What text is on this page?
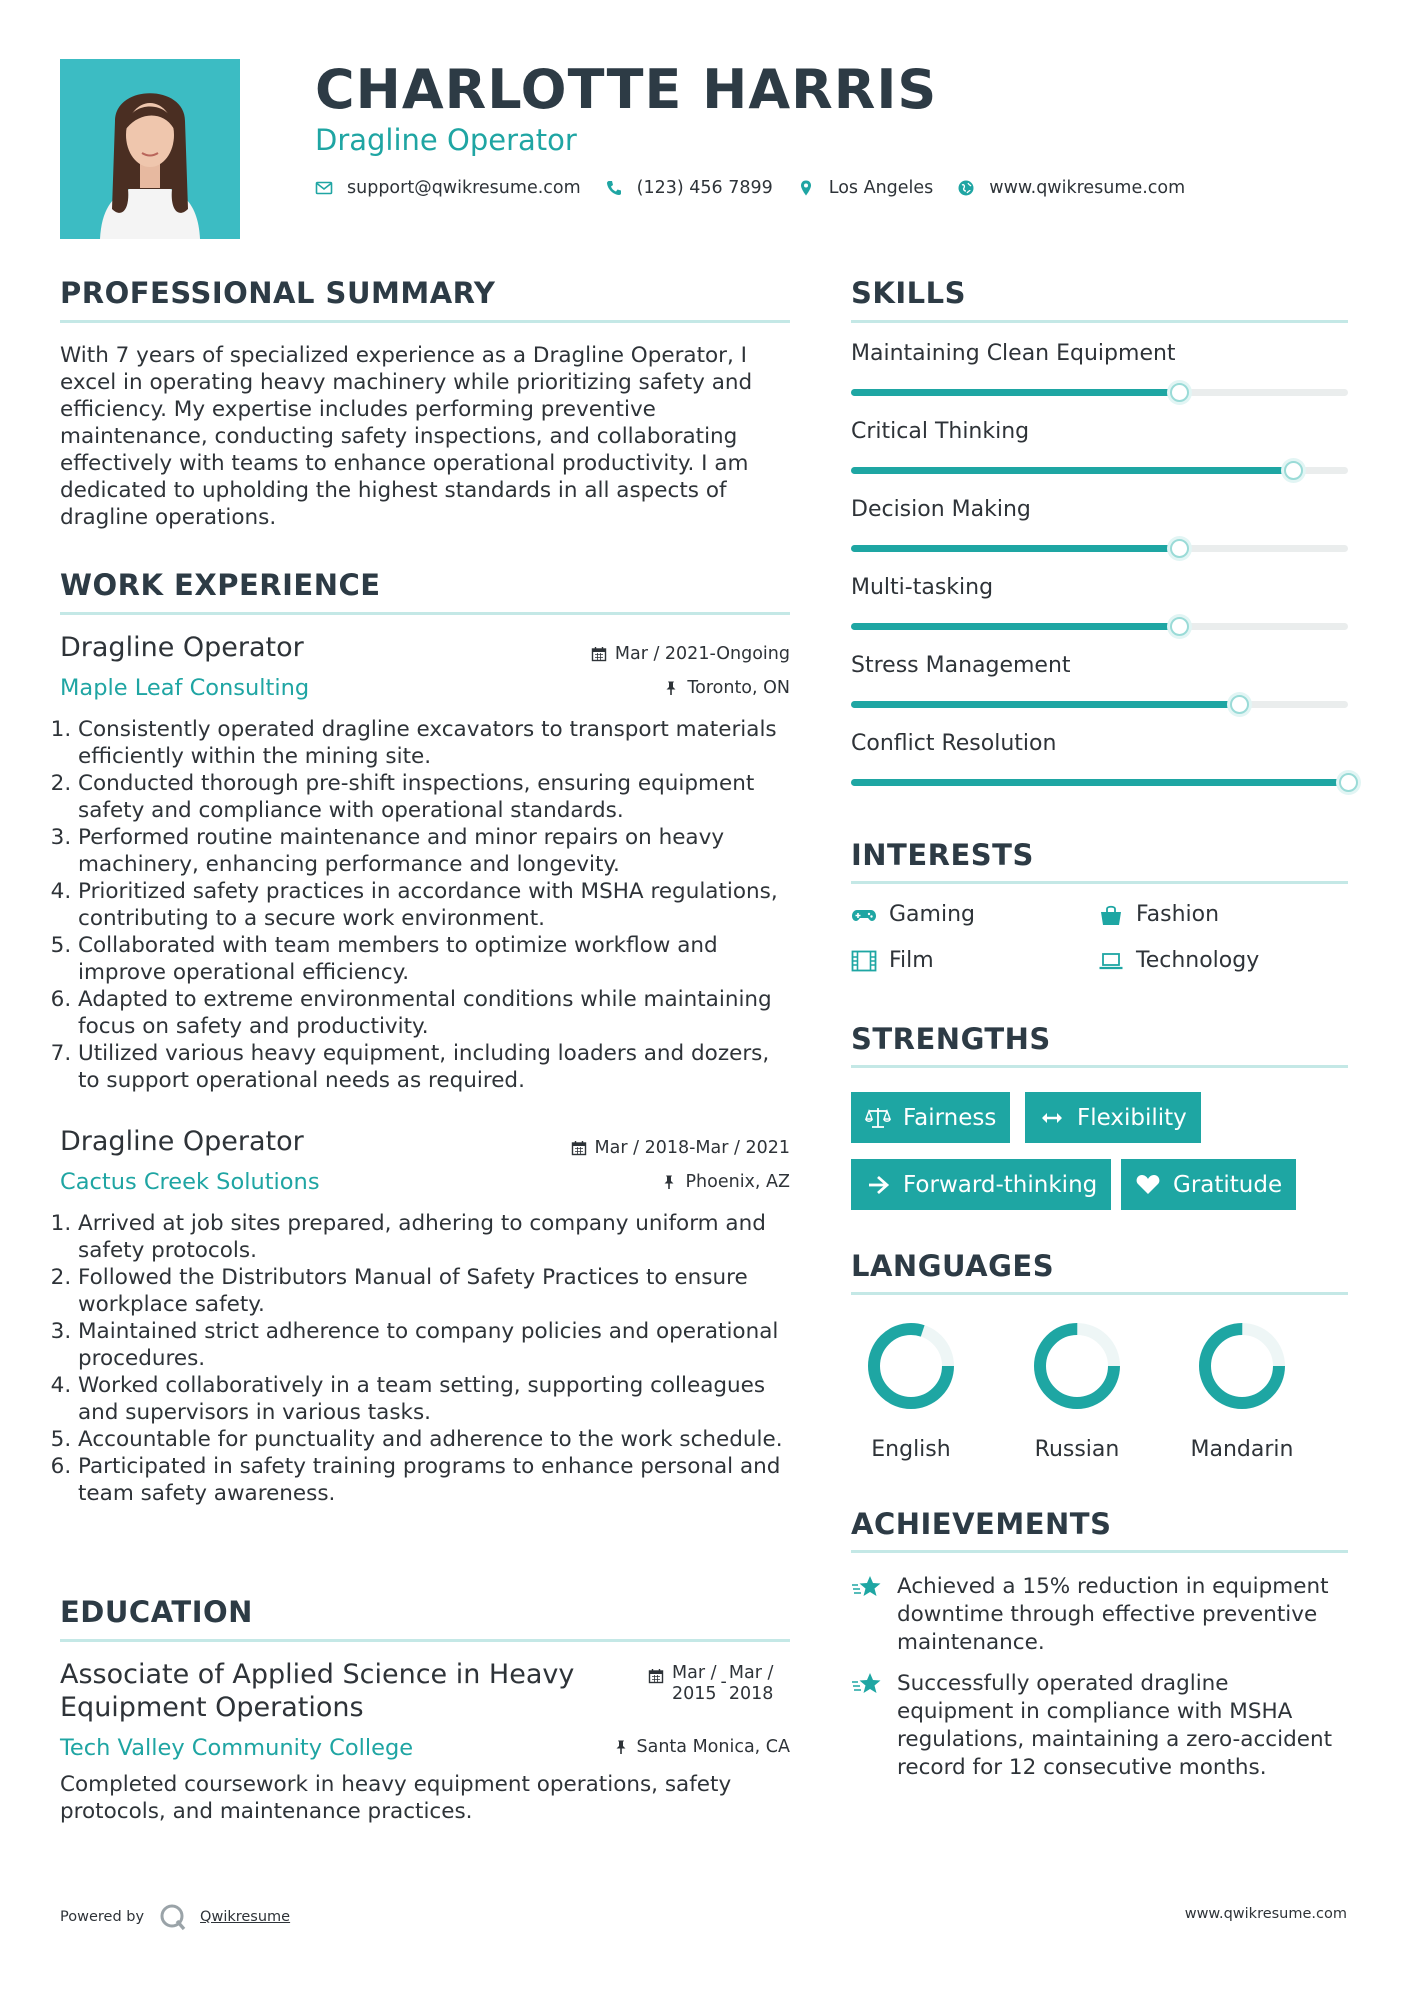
CHARLOTTE HARRIS
Dragline Operator
support@qwikresume.com	(123) 456 7899	Los Angeles	www.qwikresume.com
PROFESSIONAL SUMMARY
With 7 years of specialized experience as a Dragline Operator, I excel in operating heavy machinery while prioritizing safety and efficiency. My expertise includes performing preventive maintenance, conducting safety inspections, and collaborating effectively with teams to enhance operational productivity. I am dedicated to upholding the highest standards in all aspects of dragline operations.
WORK EXPERIENCE
Dragline Operator	Mar / 2021-Ongoing
Maple Leaf Consulting	Toronto, ON
1. Consistently operated dragline excavators to transport materials efficiently within the mining site.
2. Conducted thorough pre-shift inspections, ensuring equipment safety and compliance with operational standards.
3. Performed routine maintenance and minor repairs on heavy machinery, enhancing performance and longevity.
4. Prioritized safety practices in accordance with MSHA regulations, contributing to a secure work environment.
5. Collaborated with team members to optimize workflow and improve operational efficiency.
6. Adapted to extreme environmental conditions while maintaining focus on safety and productivity.
7. Utilized various heavy equipment, including loaders and dozers, to support operational needs as required.
Dragline Operator	Mar / 2018-Mar / 2021
Cactus Creek Solutions	Phoenix, AZ
1. Arrived at job sites prepared, adhering to company uniform and safety protocols.
2. Followed the Distributors Manual of Safety Practices to ensure workplace safety.
3. Maintained strict adherence to company policies and operational procedures.
4. Worked collaboratively in a team setting, supporting colleagues and supervisors in various tasks.
5. Accountable for punctuality and adherence to the work schedule.
6. Participated in safety training programs to enhance personal and team safety awareness.
EDUCATION
Associate of Applied Science in Heavy Equipment Operations
Mar /
2015
- Mar /
2018
Tech Valley Community College	Santa Monica, CA
Completed coursework in heavy equipment operations, safety protocols, and maintenance practices.
SKILLS
Maintaining Clean Equipment
Critical Thinking
Decision Making
Multi-tasking
Stress Management
Conflict Resolution
INTERESTS
Gaming	Fashion
Film	Technology
STRENGTHS
Fairness	Flexibility
Forward-thinking	Gratitude
LANGUAGES
English	Russian	Mandarin
ACHIEVEMENTS
Achieved a 15% reduction in equipment downtime through effective preventive maintenance.
Successfully operated dragline equipment in compliance with MSHA regulations, maintaining a zero-accident record for 12 consecutive months.
Powered by	Qwikresume	www.qwikresume.com
